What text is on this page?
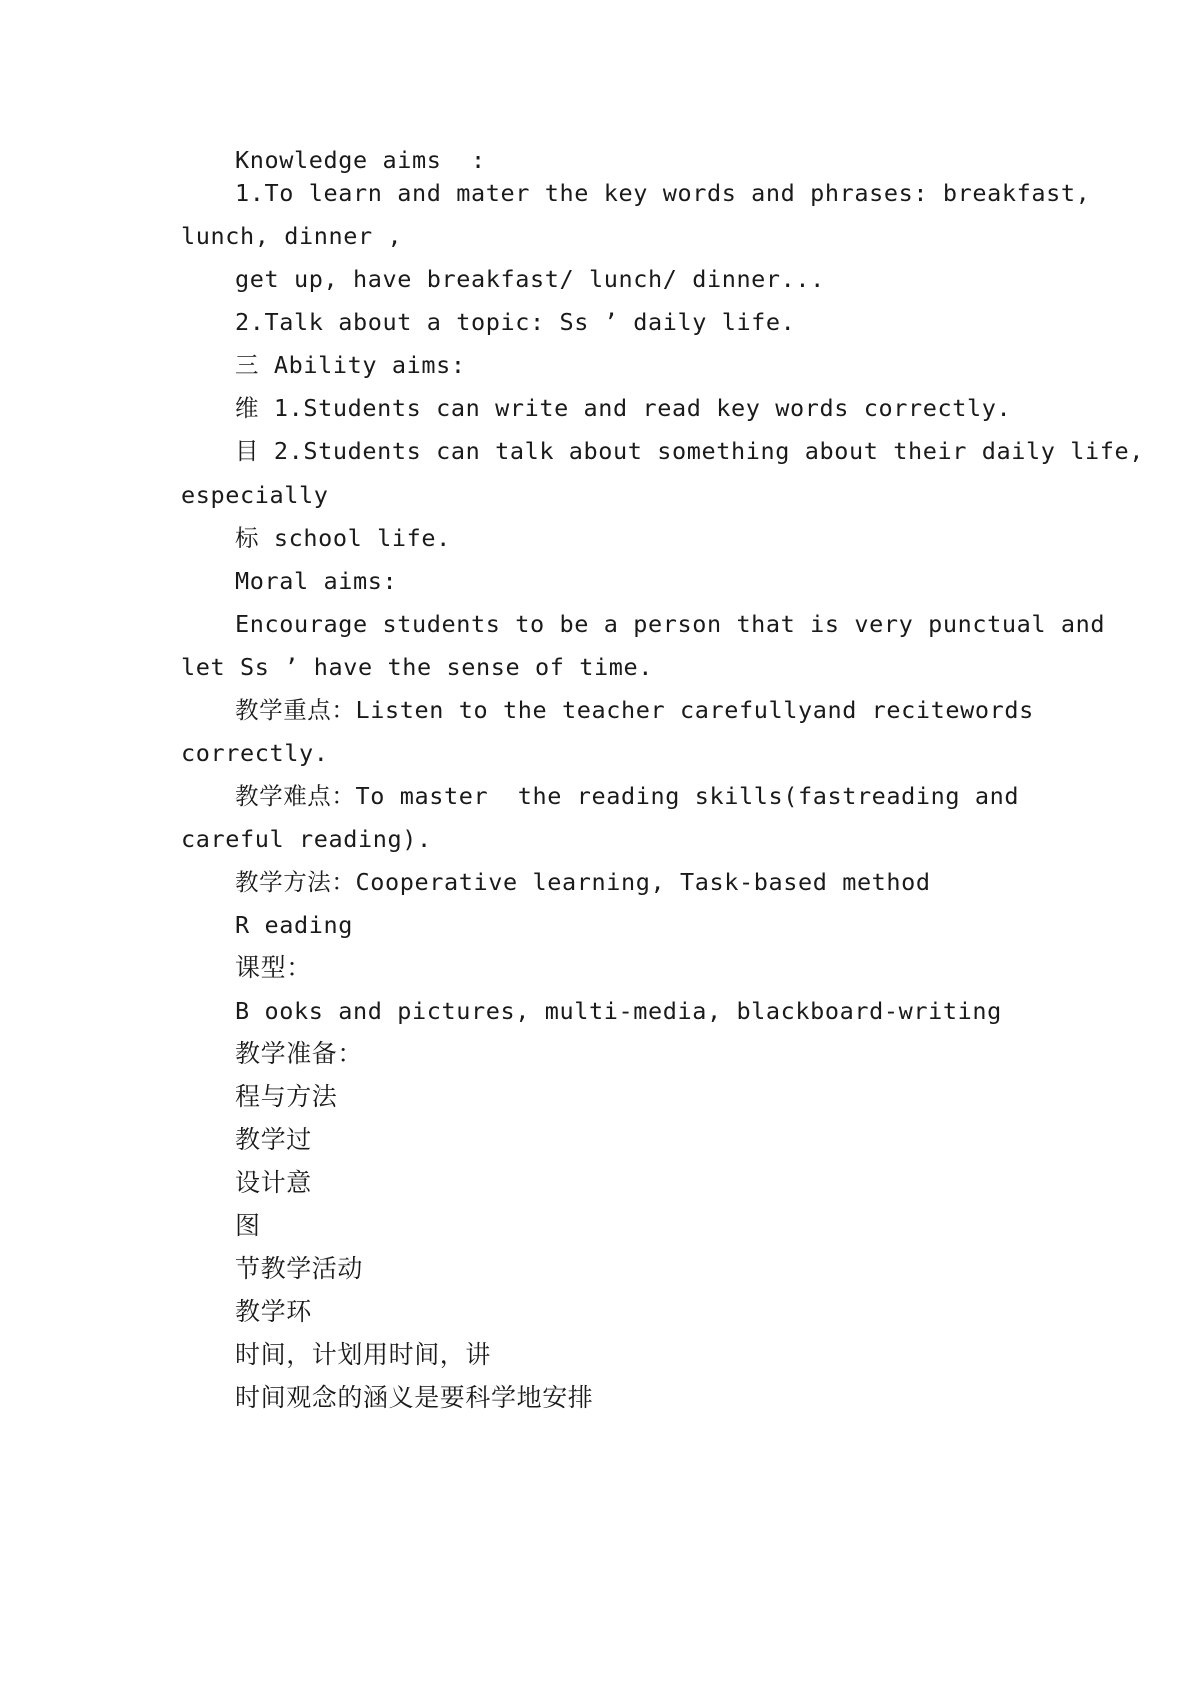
Knowledge aims  :
1.To learn and mater the key words and phrases: breakfast,
lunch, dinner ,
get up, have breakfast/ lunch/ dinner...
2.Talk about a topic: Ss ’ daily life.
三 Ability aims:
维 1.Students can write and read key words correctly.
目 2.Students can talk about something about their daily life,
especially
标 school life.
Moral aims:
Encourage students to be a person that is very punctual and
let Ss ’ have the sense of time.
教学重点：Listen to the teacher carefullyand recitewords
correctly.
教学难点：To master  the reading skills(fastreading and
careful reading).
教学方法：Cooperative learning, Task-based method
R eading
课型：
B ooks and pictures, multi-media, blackboard-writing
教学准备：
程与方法
教学过
设计意
图
节教学活动
教学环
时间，计划用时间，讲
时间观念的涵义是要科学地安排
